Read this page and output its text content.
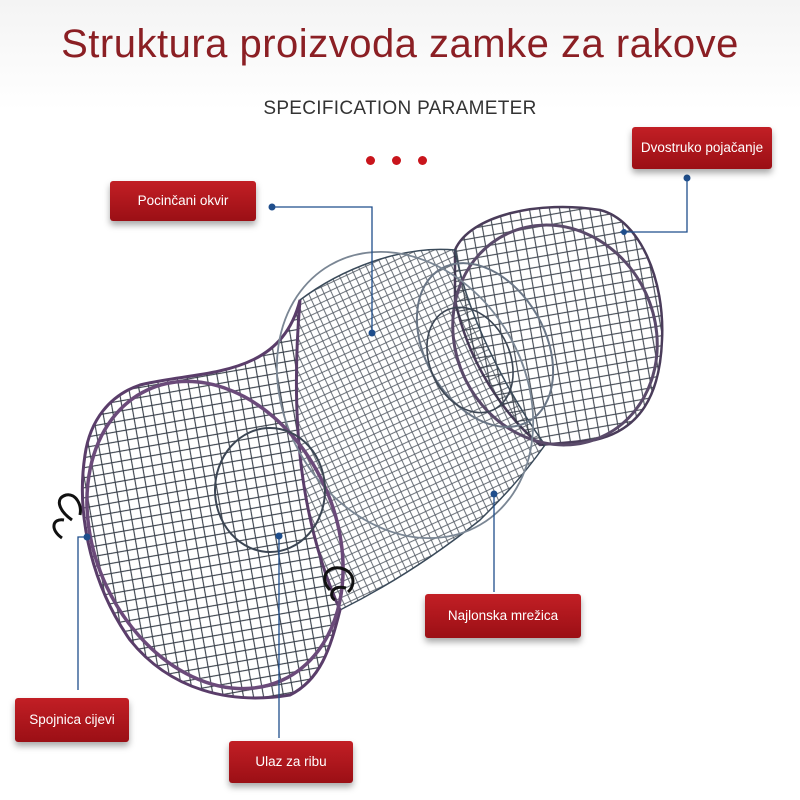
Struktura proizvoda zamke za rakove
SPECIFICATION PARAMETER
Dvostruko pojačanje
Pocinčani okvir
Najlonska mrežica
Spojnica cijevi
Ulaz za ribu
